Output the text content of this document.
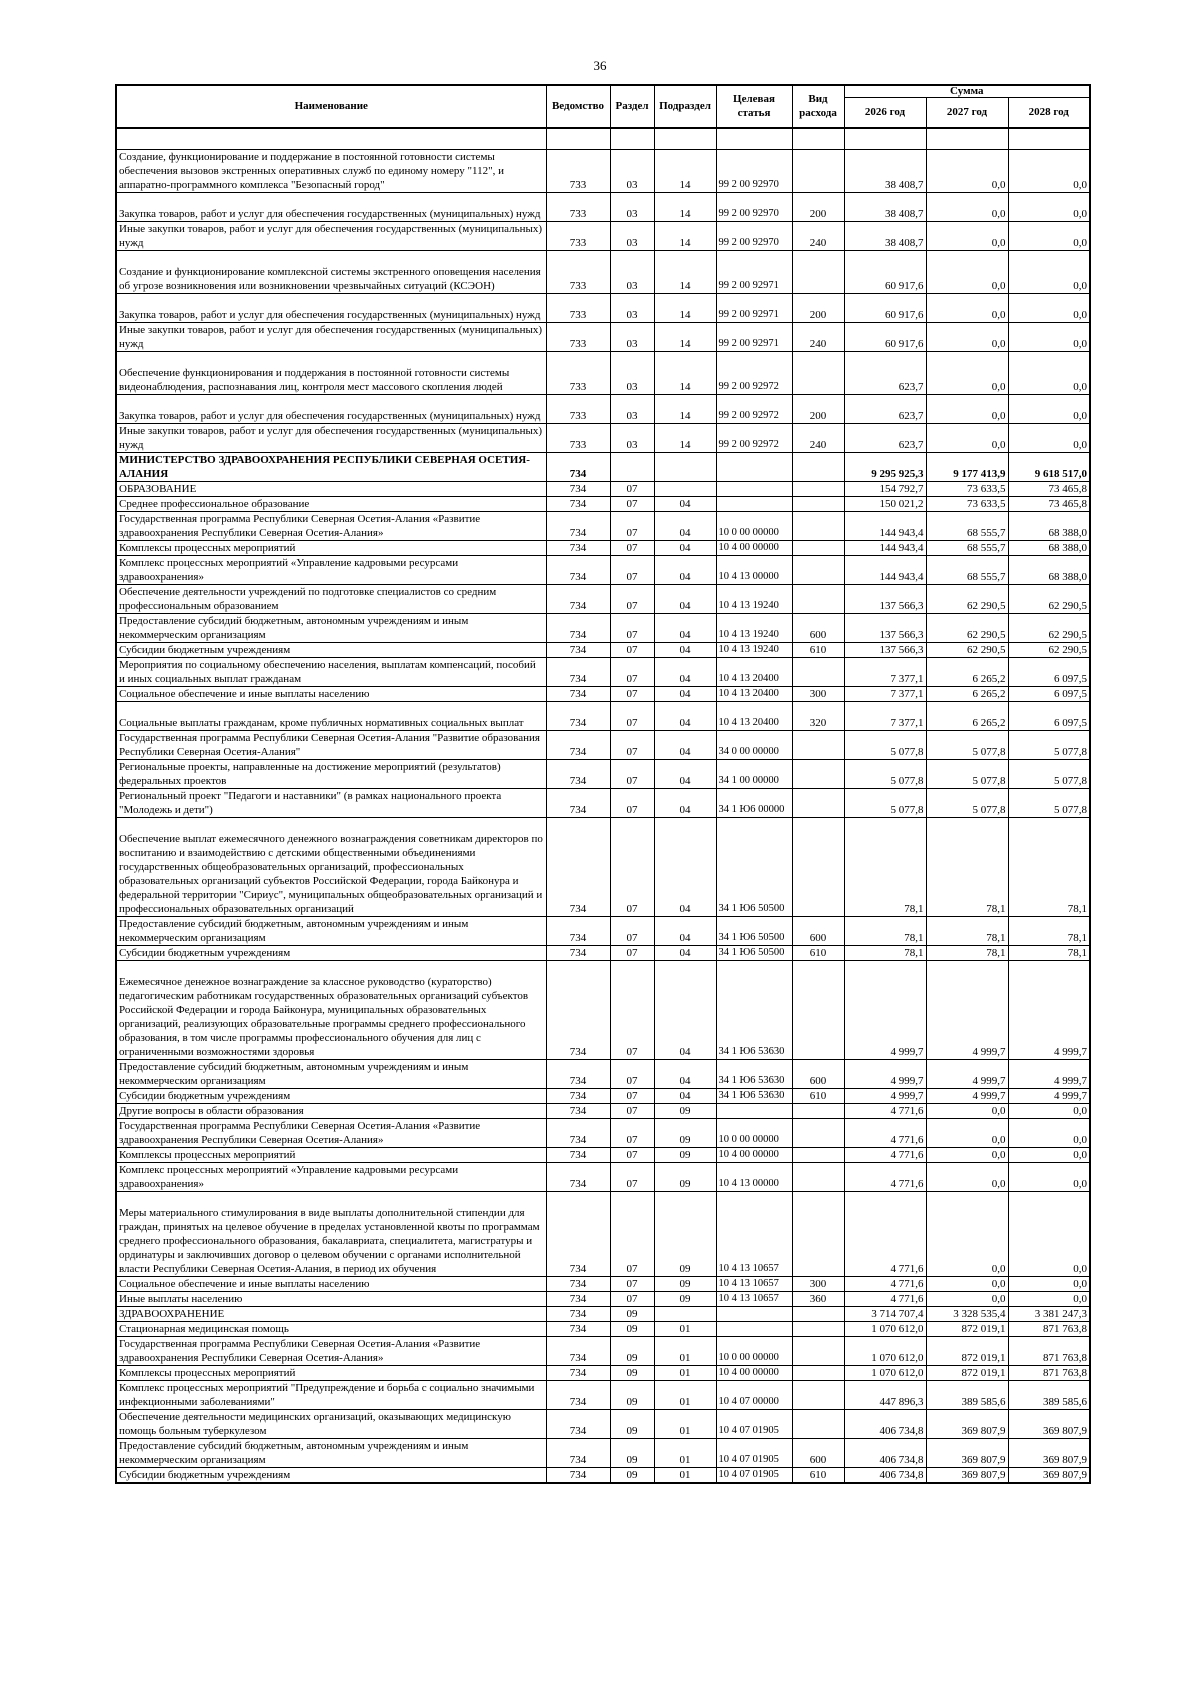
36
Наименование	Ведомство	Раздел	Подраздел	Целевая статья	Вид расхода	Сумма		
						2026 год	2027 год	2028 год

Создание, функционирование и поддержание в постоянной готовности системы обеспечения вызовов экстренных оперативных служб по единому номеру "112", и аппаратно-программного комплекса "Безопасный город"	733	03	14	99 2 00 92970		38 408,7	0,0	0,0
Закупка товаров, работ и услуг для обеспечения государственных (муниципальных) нужд	733	03	14	99 2 00 92970	200	38 408,7	0,0	0,0
Иные закупки товаров, работ и услуг для обеспечения государственных (муниципальных) нужд	733	03	14	99 2 00 92970	240	38 408,7	0,0	0,0
Создание и функционирование комплексной системы экстренного оповещения населения об угрозе возникновения или возникновении чрезвычайных ситуаций (КСЭОН)	733	03	14	99 2 00 92971		60 917,6	0,0	0,0
Закупка товаров, работ и услуг для обеспечения государственных (муниципальных) нужд	733	03	14	99 2 00 92971	200	60 917,6	0,0	0,0
Иные закупки товаров, работ и услуг для обеспечения государственных (муниципальных) нужд	733	03	14	99 2 00 92971	240	60 917,6	0,0	0,0
Обеспечение функционирования и поддержания в постоянной готовности системы видеонаблюдения, распознавания лиц, контроля мест массового скопления людей	733	03	14	99 2 00 92972		623,7	0,0	0,0
Закупка товаров, работ и услуг для обеспечения государственных (муниципальных) нужд	733	03	14	99 2 00 92972	200	623,7	0,0	0,0
Иные закупки товаров, работ и услуг для обеспечения государственных (муниципальных) нужд	733	03	14	99 2 00 92972	240	623,7	0,0	0,0
МИНИСТЕРСТВО ЗДРАВООХРАНЕНИЯ РЕСПУБЛИКИ СЕВЕРНАЯ ОСЕТИЯ-АЛАНИЯ	734					9 295 925,3	9 177 413,9	9 618 517,0
ОБРАЗОВАНИЕ	734	07				154 792,7	73 633,5	73 465,8
Среднее профессиональное образование	734	07	04			150 021,2	73 633,5	73 465,8
Государственная программа Республики Северная Осетия-Алания «Развитие здравоохранения Республики Северная Осетия-Алания»	734	07	04	10 0 00 00000		144 943,4	68 555,7	68 388,0
Комплексы процессных мероприятий	734	07	04	10 4 00 00000		144 943,4	68 555,7	68 388,0
Комплекс процессных мероприятий «Управление кадровыми ресурсами здравоохранения»	734	07	04	10 4 13 00000		144 943,4	68 555,7	68 388,0
Обеспечение деятельности учреждений по подготовке специалистов со средним профессиональным образованием	734	07	04	10 4 13 19240		137 566,3	62 290,5	62 290,5
Предоставление субсидий бюджетным, автономным учреждениям и иным некоммерческим организациям	734	07	04	10 4 13 19240	600	137 566,3	62 290,5	62 290,5
Субсидии бюджетным учреждениям	734	07	04	10 4 13 19240	610	137 566,3	62 290,5	62 290,5
Мероприятия по социальному обеспечению населения, выплатам компенсаций, пособий и иных социальных выплат гражданам	734	07	04	10 4 13 20400		7 377,1	6 265,2	6 097,5
Социальное обеспечение и иные выплаты населению	734	07	04	10 4 13 20400	300	7 377,1	6 265,2	6 097,5
Социальные выплаты гражданам, кроме публичных нормативных социальных выплат	734	07	04	10 4 13 20400	320	7 377,1	6 265,2	6 097,5
Государственная программа Республики Северная Осетия-Алания "Развитие образования Республики Северная Осетия-Алания"	734	07	04	34 0 00 00000		5 077,8	5 077,8	5 077,8
Региональные проекты, направленные на достижение мероприятий (результатов) федеральных проектов	734	07	04	34 1 00 00000		5 077,8	5 077,8	5 077,8
Региональный проект "Педагоги и наставники" (в рамках национального проекта "Молодежь и дети")	734	07	04	34 1 Ю6 00000		5 077,8	5 077,8	5 077,8
Обеспечение выплат ежемесячного денежного вознаграждения советникам директоров по воспитанию и взаимодействию с детскими общественными объединениями государственных общеобразовательных организаций, профессиональных образовательных организаций субъектов Российской Федерации, города Байконура и федеральной территории "Сириус", муниципальных общеобразовательных организаций и профессиональных образовательных организаций	734	07	04	34 1 Ю6 50500		78,1	78,1	78,1
Предоставление субсидий бюджетным, автономным учреждениям и иным некоммерческим организациям	734	07	04	34 1 Ю6 50500	600	78,1	78,1	78,1
Субсидии бюджетным учреждениям	734	07	04	34 1 Ю6 50500	610	78,1	78,1	78,1
Ежемесячное денежное вознаграждение за классное руководство (кураторство) педагогическим работникам государственных образовательных организаций субъектов Российской Федерации и города Байконура, муниципальных образовательных организаций, реализующих образовательные программы среднего профессионального образования, в том числе программы профессионального обучения для лиц с ограниченными возможностями здоровья	734	07	04	34 1 Ю6 53630		4 999,7	4 999,7	4 999,7
Предоставление субсидий бюджетным, автономным учреждениям и иным некоммерческим организациям	734	07	04	34 1 Ю6 53630	600	4 999,7	4 999,7	4 999,7
Субсидии бюджетным учреждениям	734	07	04	34 1 Ю6 53630	610	4 999,7	4 999,7	4 999,7
Другие вопросы в области образования	734	07	09			4 771,6	0,0	0,0
Государственная программа Республики Северная Осетия-Алания «Развитие здравоохранения Республики Северная Осетия-Алания»	734	07	09	10 0 00 00000		4 771,6	0,0	0,0
Комплексы процессных мероприятий	734	07	09	10 4 00 00000		4 771,6	0,0	0,0
Комплекс процессных мероприятий «Управление кадровыми ресурсами здравоохранения»	734	07	09	10 4 13 00000		4 771,6	0,0	0,0
Меры материального стимулирования в виде выплаты дополнительной стипендии для граждан, принятых на целевое обучение в пределах установленной квоты по программам среднего профессионального образования, бакалавриата, специалитета, магистратуры и ординатуры и заключивших договор о целевом обучении с органами исполнительной власти Республики Северная Осетия-Алания, в период их обучения	734	07	09	10 4 13 10657		4 771,6	0,0	0,0
Социальное обеспечение и иные выплаты населению	734	07	09	10 4 13 10657	300	4 771,6	0,0	0,0
Иные выплаты населению	734	07	09	10 4 13 10657	360	4 771,6	0,0	0,0
ЗДРАВООХРАНЕНИЕ	734	09				3 714 707,4	3 328 535,4	3 381 247,3
Стационарная медицинская помощь	734	09	01			1 070 612,0	872 019,1	871 763,8
Государственная программа Республики Северная Осетия-Алания «Развитие здравоохранения Республики Северная Осетия-Алания»	734	09	01	10 0 00 00000		1 070 612,0	872 019,1	871 763,8
Комплексы процессных мероприятий	734	09	01	10 4 00 00000		1 070 612,0	872 019,1	871 763,8
Комплекс процессных мероприятий "Предупреждение и борьба с социально значимыми инфекционными заболеваниями"	734	09	01	10 4 07 00000		447 896,3	389 585,6	389 585,6
Обеспечение деятельности медицинских организаций, оказывающих медицинскую помощь больным туберкулезом	734	09	01	10 4 07 01905		406 734,8	369 807,9	369 807,9
Предоставление субсидий бюджетным, автономным учреждениям и иным некоммерческим организациям	734	09	01	10 4 07 01905	600	406 734,8	369 807,9	369 807,9
Субсидии бюджетным учреждениям	734	09	01	10 4 07 01905	610	406 734,8	369 807,9	369 807,9
